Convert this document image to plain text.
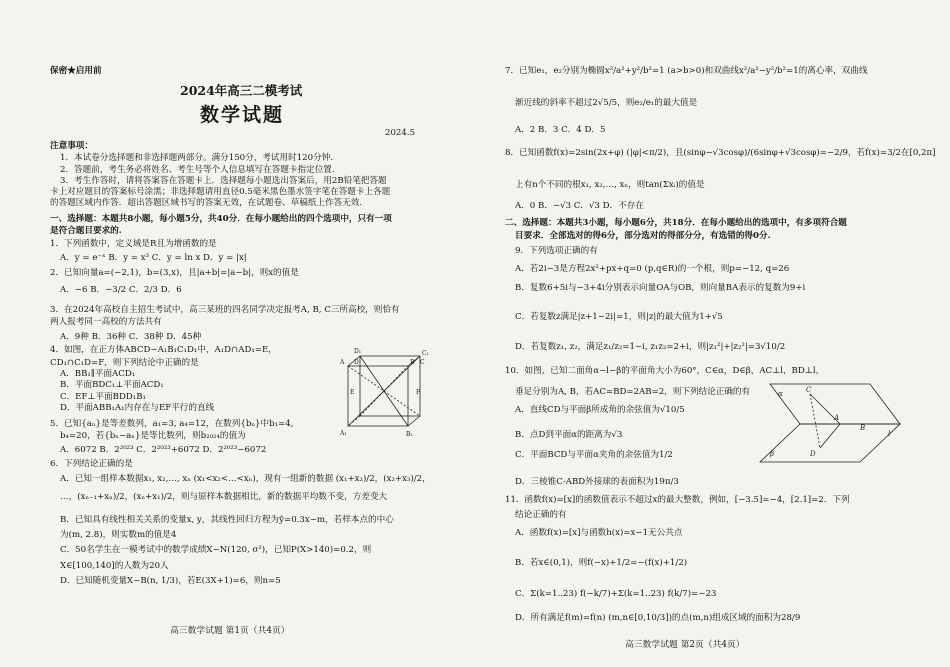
保密★启用前
2024年高三二模考试
数学试题
2024.5
注意事项：
1．本试卷分选择题和非选择题两部分。满分150分，考试用时120分钟.
2．答题前，考生务必将姓名、考生号等个人信息填写在答题卡指定位置.
3．考生作答时，请将答案答在答题卡上．选择题每小题选出答案后，用2B铅笔把答题
卡上对应题目的答案标号涂黑；非选择题请用直径0.5毫米黑色墨水签字笔在答题卡上各题
的答题区域内作答．超出答题区域书写的答案无效，在试题卷、草稿纸上作答无效.
一、选择题：本题共8小题，每小题5分，共40分．在每小题给出的四个选项中，只有一项
是符合题目要求的.
1．下列函数中，定义域是R且为增函数的是
A．y = e⁻ˣ B．y = x³ C．y = ln x D．y = |x|
2．已知向量a=(−2,1)，b=(3,x)，且|a+b|=|a−b|，则x的值是
A．−6 B．−3/2 C．2/3 D．6
3．在2024年高校自主招生考试中，高三某班的四名同学决定报考A, B, C三所高校，则恰有
两人报考同一高校的方法共有
A．9种 B．36种 C．38种 D．45种
4．如图，在正方体ABCD−A₁B₁C₁D₁中，A₁D∩AD₁=E，
CD₁∩C₁D=F，则下列结论中正确的是
A．BB₁∥平面ACD₁
B．平面BDC₁⊥平面ACD₁
C．EF⊥平面BDD₁B₁
D．平面ABB₁A₁内存在与EF平行的直线
5．已知{aₙ}是等差数列，a₁=3, a₄=12，在数列{bₙ}中b₁=4,
b₄=20，若{bₙ−aₙ}是等比数列，则b₂₀₂₄的值为
A．6072 B．2²⁰²³ C．2²⁰²³+6072 D．2²⁰²³−6072
6．下列结论正确的是
A．已知一组样本数据x₁, x₂,…, xₙ (x₁<x₂<…<xₙ)，现有一组新的数据 (x₁+x₂)/2，(x₂+x₃)/2，
…，(xₙ₋₁+xₙ)/2，(xₙ+x₁)/2，则与原样本数据相比，新的数据平均数不变，方差变大
B．已知具有线性相关关系的变量x, y，其线性回归方程为ŷ=0.3x−m，若样本点的中心
为(m, 2.8)，则实数m的值是4
C．50名学生在一模考试中的数学成绩X~N(120, σ²)，已知P(X>140)=0.2，则
X∈[100,140]的人数为20人
D．已知随机变量X~B(n, 1/3)，若E(3X+1)=6，则n=5
D₁	C₁
A₁	B₁
D	C
A	B
E	F
高三数学试题 第1页（共4页）
7．已知e₁，e₂分别为椭圆x²/a²+y²/b²=1 (a>b>0)和双曲线x²/a²−y²/b²=1的离心率，双曲线
渐近线的斜率不超过2√5/5，则e₂/e₁的最大值是
A．2 B．3 C．4 D．5
8．已知函数f(x)=2sin(2x+φ) (|φ|<π/2)，且(sinφ−√3cosφ)/(6sinφ+√3cosφ)=−2/9，若f(x)=3/2在[0,2π]
上有n个不同的根x₁, x₂,…, xₙ，则tan(Σxᵢ)的值是
A．0 B．−√3 C．√3 D．不存在
二、选择题：本题共3小题，每小题6分，共18分．在每小题给出的选项中，有多项符合题
目要求．全部选对的得6分，部分选对的得部分分，有选错的得0分.
9．下列选项正确的有
A．若2i−3是方程2x²+px+q=0 (p,q∈R)的一个根，则p=−12, q=26
B．复数6+5i与−3+4i分别表示向量OA与OB，则向量BA表示的复数为9+i
C．若复数z满足|z+1−2i|=1，则|z|的最大值为1+√5
D．若复数z₁, z₂，满足z₁/z₂=1−i, z₁z₂=2+i，则|z₁²|+|z₂²|=3√10/2
10．如图，已知二面角α−l−β的平面角大小为60°，C∈α，D∈β，AC⊥l，BD⊥l，
垂足分别为A, B，若AC=BD=2AB=2，则下列结论正确的有
A．直线CD与平面β所成角的余弦值为√10/5
B．点D到平面α的距离为√3
C．平面BCD与平面α夹角的余弦值为1/2
D．三棱锥C-ABD外接球的表面积为19π/3
11．函数f(x)=[x]的函数值表示不超过x的最大整数，例如，[−3.5]=−4，[2.1]=2．下列
结论正确的有
A．函数f(x)=[x]与函数h(x)=x−1无公共点
B．若x∈(0,1)，则f(−x)+1/2=−(f(x)+1/2)
C．Σ(k=1..23) f(−k/7)+Σ(k=1..23) f(k/7)=−23
D．所有满足f(m)=f(n) (m,n∈[0,10/3])的点(m,n)组成区域的面积为28/9
α
A
C
B
l
D
β
高三数学试题 第2页（共4页）
